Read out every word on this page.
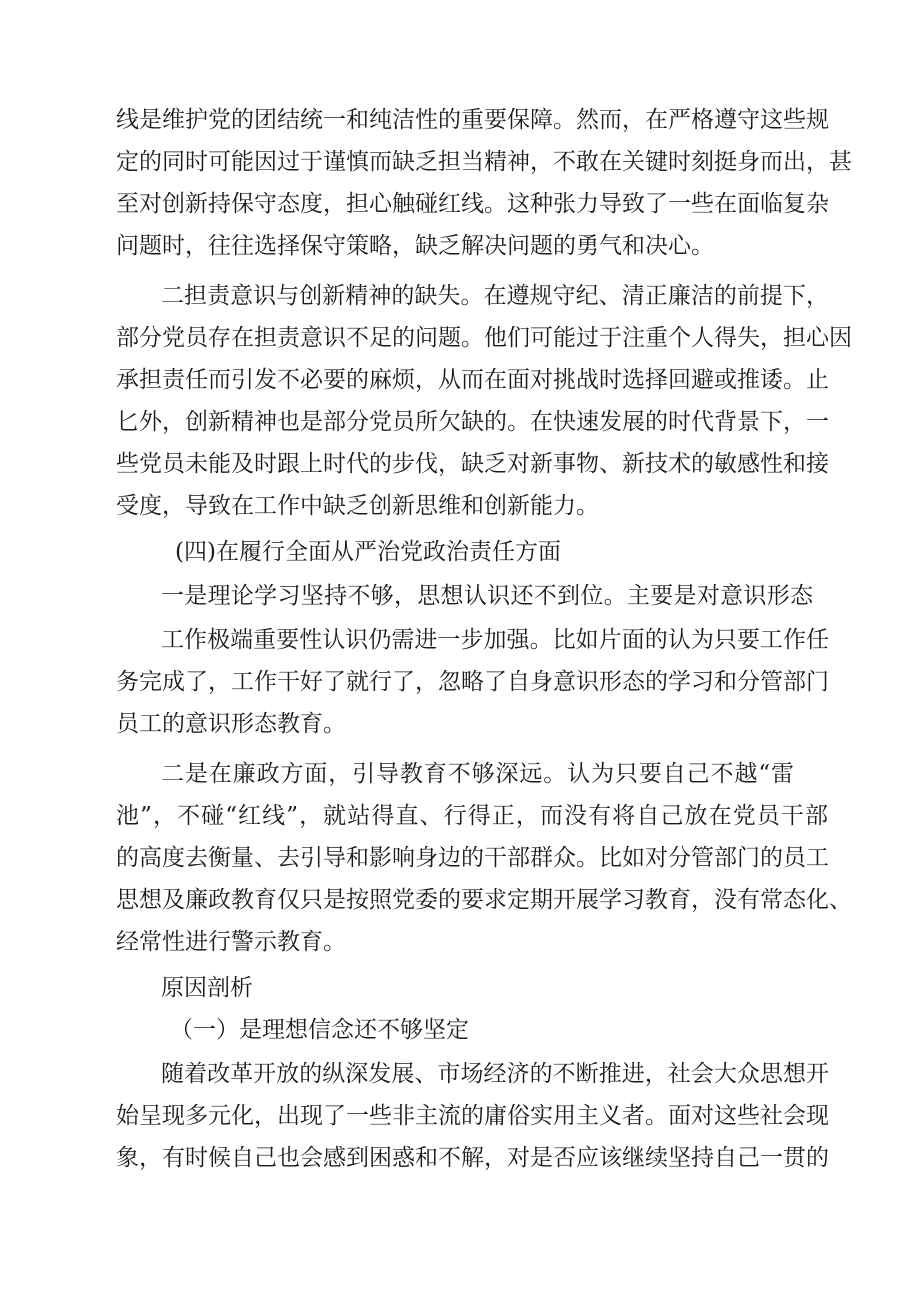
线是维护党的团结统一和纯洁性的重要保障。然而，在严格遵守这些规
定的同时可能因过于谨慎而缺乏担当精神，不敢在关键时刻挺身而出，甚
至对创新持保守态度，担心触碰红线。这种张力导致了一些在面临复杂
问题时，往往选择保守策略，缺乏解决问题的勇气和决心。
二担责意识与创新精神的缺失。在遵规守纪、清正廉洁的前提下，
部分党员存在担责意识不足的问题。他们可能过于注重个人得失，担心因
承担责任而引发不必要的麻烦，从而在面对挑战时选择回避或推诿。止
匕外，创新精神也是部分党员所欠缺的。在快速发展的时代背景下，一
些党员未能及时跟上时代的步伐，缺乏对新事物、新技术的敏感性和接
受度，导致在工作中缺乏创新思维和创新能力。
(四)在履行全面从严治党政治责任方面
一是理论学习坚持不够，思想认识还不到位。主要是对意识形态
工作极端重要性认识仍需进一步加强。比如片面的认为只要工作任
务完成了，工作干好了就行了，忽略了自身意识形态的学习和分管部门
员工的意识形态教育。
二是在廉政方面，引导教育不够深远。认为只要自己不越“雷
池”，不碰“红线”，就站得直、行得正，而没有将自己放在党员干部
的高度去衡量、去引导和影响身边的干部群众。比如对分管部门的员工
思想及廉政教育仅只是按照党委的要求定期开展学习教育，没有常态化、
经常性进行警示教育。
原因剖析
（一）是理想信念还不够坚定
随着改革开放的纵深发展、市场经济的不断推进，社会大众思想开
始呈现多元化，出现了一些非主流的庸俗实用主义者。面对这些社会现
象，有时候自己也会感到困惑和不解，对是否应该继续坚持自己一贯的
